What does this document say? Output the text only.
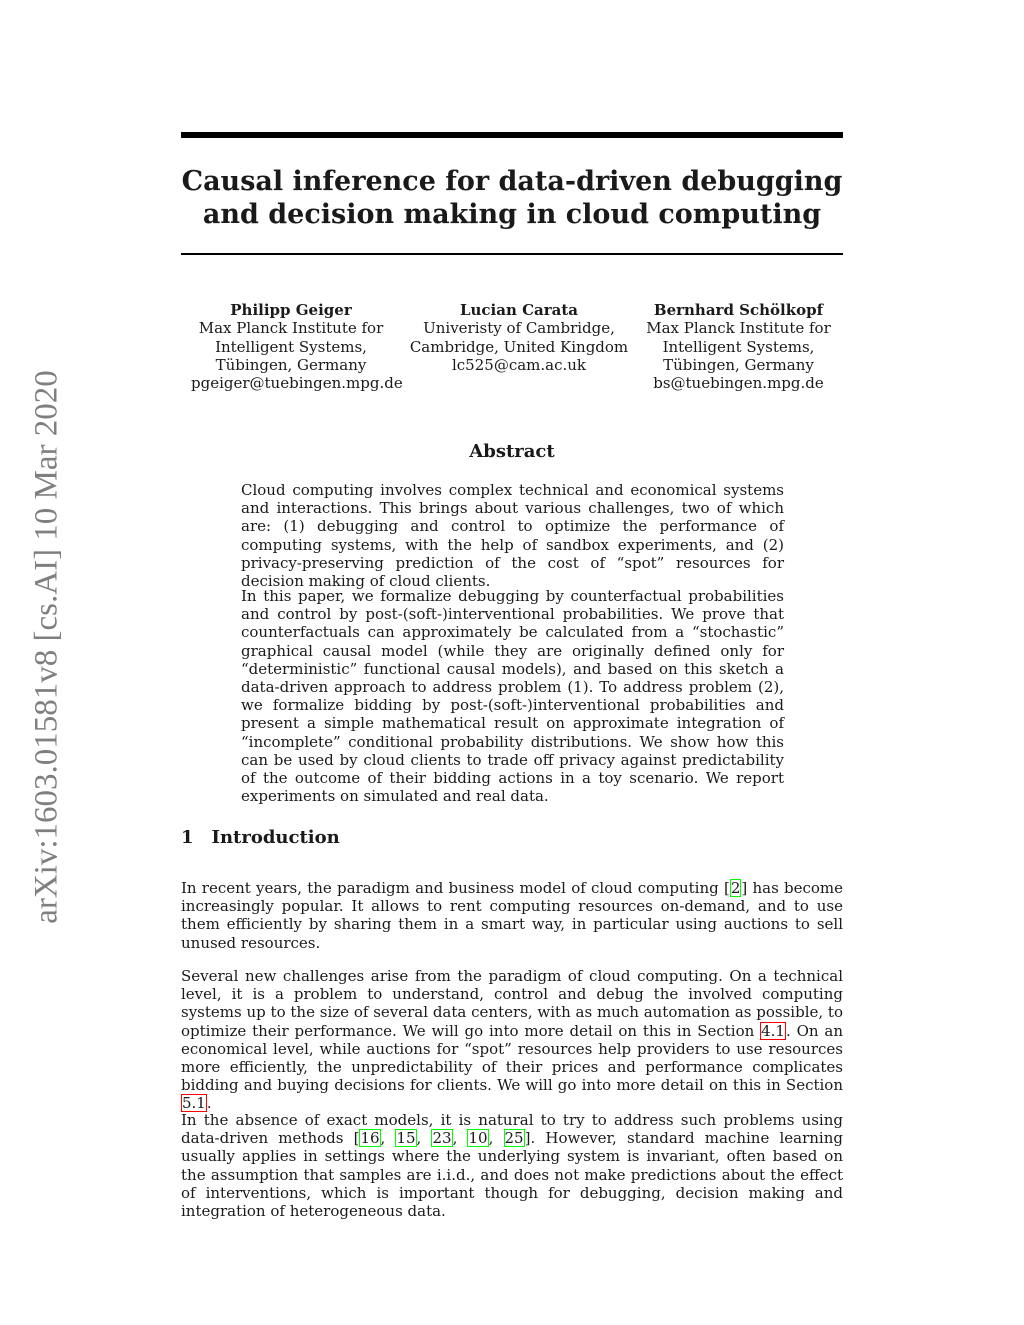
arXiv:1603.01581v8 [cs.AI] 10 Mar 2020
Causal inference for data-driven debugging
and decision making in cloud computing
Philipp Geiger
Max Planck Institute for
Intelligent Systems,
Tübingen, Germany
pgeiger@tuebingen.mpg.de
Lucian Carata
Univeristy of Cambridge,
Cambridge, United Kingdom
lc525@cam.ac.uk
Bernhard Schölkopf
Max Planck Institute for
Intelligent Systems,
Tübingen, Germany
bs@tuebingen.mpg.de
Abstract

Cloud computing involves complex technical and economical systems and interactions. This brings about various challenges, two of which are: (1) debugging and control to optimize the performance of computing systems, with the help of sandbox experiments, and (2) privacy-preserving prediction of the cost of “spot” resources for decision making of cloud clients.

In this paper, we formalize debugging by counterfactual probabilities and control by post-(soft-)interventional probabilities. We prove that counterfactuals can approximately be calculated from a “stochastic” graphical causal model (while they are originally defined only for “deterministic” functional causal models), and based on this sketch a data-driven approach to address problem (1). To address problem (2), we formalize bidding by post-(soft-)interventional probabilities and present a simple mathematical result on approximate integration of “incomplete” conditional probability distributions. We show how this can be used by cloud clients to trade off privacy against predictability of the outcome of their bidding actions in a toy scenario. We report experiments on simulated and real data.

1 Introduction

In recent years, the paradigm and business model of cloud computing [2] has become increasingly popular. It allows to rent computing resources on-demand, and to use them efficiently by sharing them in a smart way, in particular using auctions to sell unused resources.

Several new challenges arise from the paradigm of cloud computing. On a technical level, it is a problem to understand, control and debug the involved computing systems up to the size of several data centers, with as much automation as possible, to optimize their performance. We will go into more detail on this in Section 4.1. On an economical level, while auctions for “spot” resources help providers to use resources more efficiently, the unpredictability of their prices and performance complicates bidding and buying decisions for clients. We will go into more detail on this in Section 5.1.

In the absence of exact models, it is natural to try to address such problems using data-driven methods [16, 15, 23, 10, 25]. However, standard machine learning usually applies in settings where the underlying system is invariant, often based on the assumption that samples are i.i.d., and does not make predictions about the effect of interventions, which is important though for debugging, decision making and integration of heterogeneous data.
